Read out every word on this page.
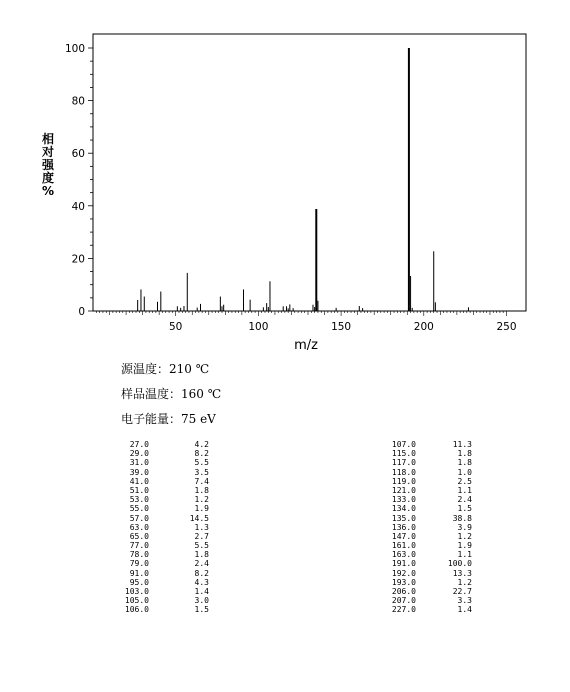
0
20
40
60
80
100
50	100	150	200	250
m/z
相
对
强
度
%
源温度：210 ℃
样品温度：160 ℃
电子能量：75 eV
27.0	4.2
29.0	8.2
31.0	5.5
39.0	3.5
41.0	7.4
51.0	1.8
53.0	1.2
55.0	1.9
57.0	14.5
63.0	1.3
65.0	2.7
77.0	5.5
78.0	1.8
79.0	2.4
91.0	8.2
95.0	4.3
103.0	1.4
105.0	3.0
106.0	1.5
107.0	11.3
115.0	1.8
117.0	1.8
118.0	1.0
119.0	2.5
121.0	1.1
133.0	2.4
134.0	1.5
135.0	38.8
136.0	3.9
147.0	1.2
161.0	1.9
163.0	1.1
191.0	100.0
192.0	13.3
193.0	1.2
206.0	22.7
207.0	3.3
227.0	1.4
